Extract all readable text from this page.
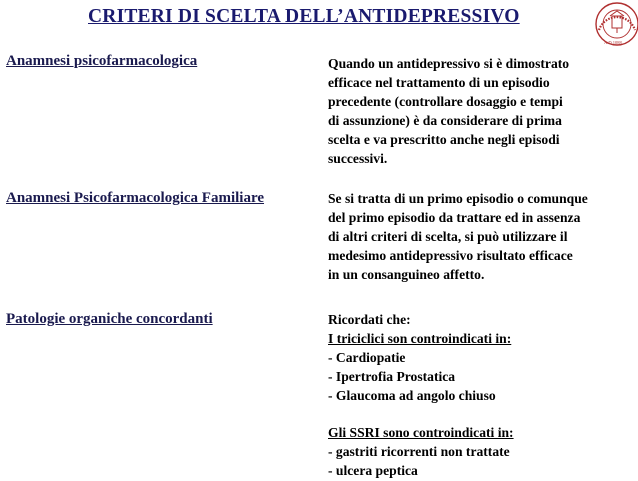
CRITERI DI SCELTA DELL’ANTIDEPRESSIVO
A.D.1088
Anamnesi psicofarmacologica	Quando un antidepressivo si è dimostrato
efficace nel trattamento di un episodio
precedente (controllare dosaggio e tempi
di assunzione) è da considerare di prima
scelta e va prescritto anche negli episodi
successivi.
Anamnesi Psicofarmacologica Familiare	Se si tratta di un primo episodio o comunque
del primo episodio da trattare ed in assenza
di altri criteri di scelta, si può utilizzare il
medesimo antidepressivo risultato efficace
in un consanguineo affetto.
Patologie organiche concordanti	Ricordati che:
I triciclici son controindicati in:
- Cardiopatie
- Ipertrofia Prostatica
- Glaucoma ad angolo chiuso
Gli SSRI sono controindicati in:
- gastriti ricorrenti non trattate
- ulcera peptica
